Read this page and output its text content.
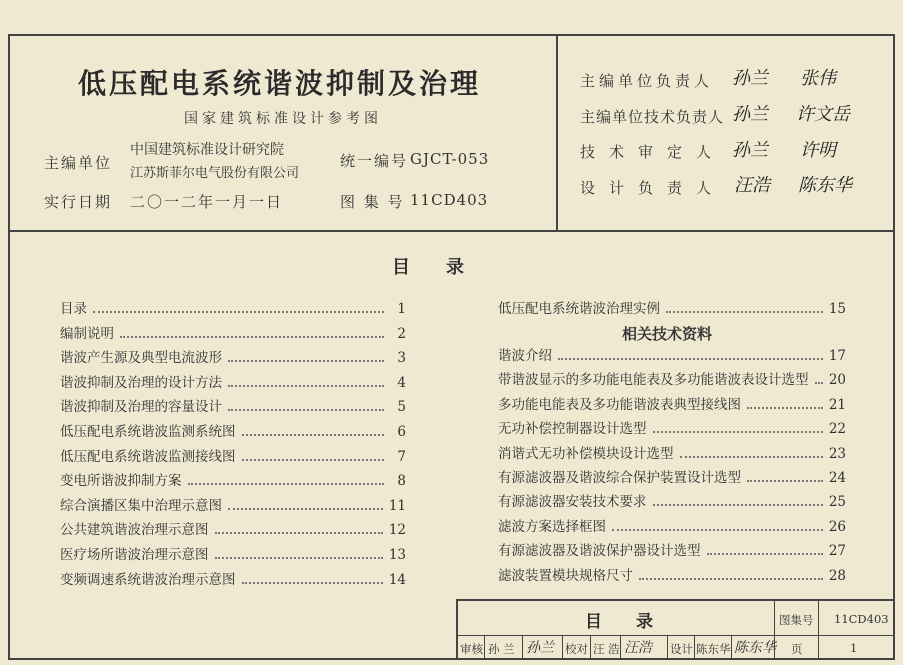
低压配电系统谐波抑制及治理
国家建筑标准设计参考图
主编单位
中国建筑标准设计研究院
江苏斯菲尔电气股份有限公司
统一编号 GJCT-053
实行日期 二〇一二年一月一日	图 集 号 11CD403
主编单位负责人 孙兰 张伟
主编单位技术负责人 孙兰 许文岳
技术审定人 孙兰 许明
设计负责人 汪浩 陈东华
目　　录
目录	1
编制说明	2
谐波产生源及典型电流波形	3
谐波抑制及治理的设计方法	4
谐波抑制及治理的容量设计	5
低压配电系统谐波监测系统图	6
低压配电系统谐波监测接线图	7
变电所谐波抑制方案	8
综合演播区集中治理示意图	11
公共建筑谐波治理示意图	12
医疗场所谐波治理示意图	13
变频调速系统谐波治理示意图	14
低压配电系统谐波治理实例	15
相关技术资料
谐波介绍	17
带谐波显示的多功能电能表及多功能谐波表设计选型 20
多功能电能表及多功能谐波表典型接线图	21
无功补偿控制器设计选型	22
消谐式无功补偿模块设计选型	23
有源滤波器及谐波综合保护装置设计选型	24
有源滤波器安装技术要求	25
滤波方案选择框图	26
有源滤波器及谐波保护器设计选型	27
滤波装置模块规格尺寸	28
目　　录	图集号 11CD403
审核 孙 兰 孙兰 校对 汪 浩 汪浩 设计 陈东华 陈东华 页	1
